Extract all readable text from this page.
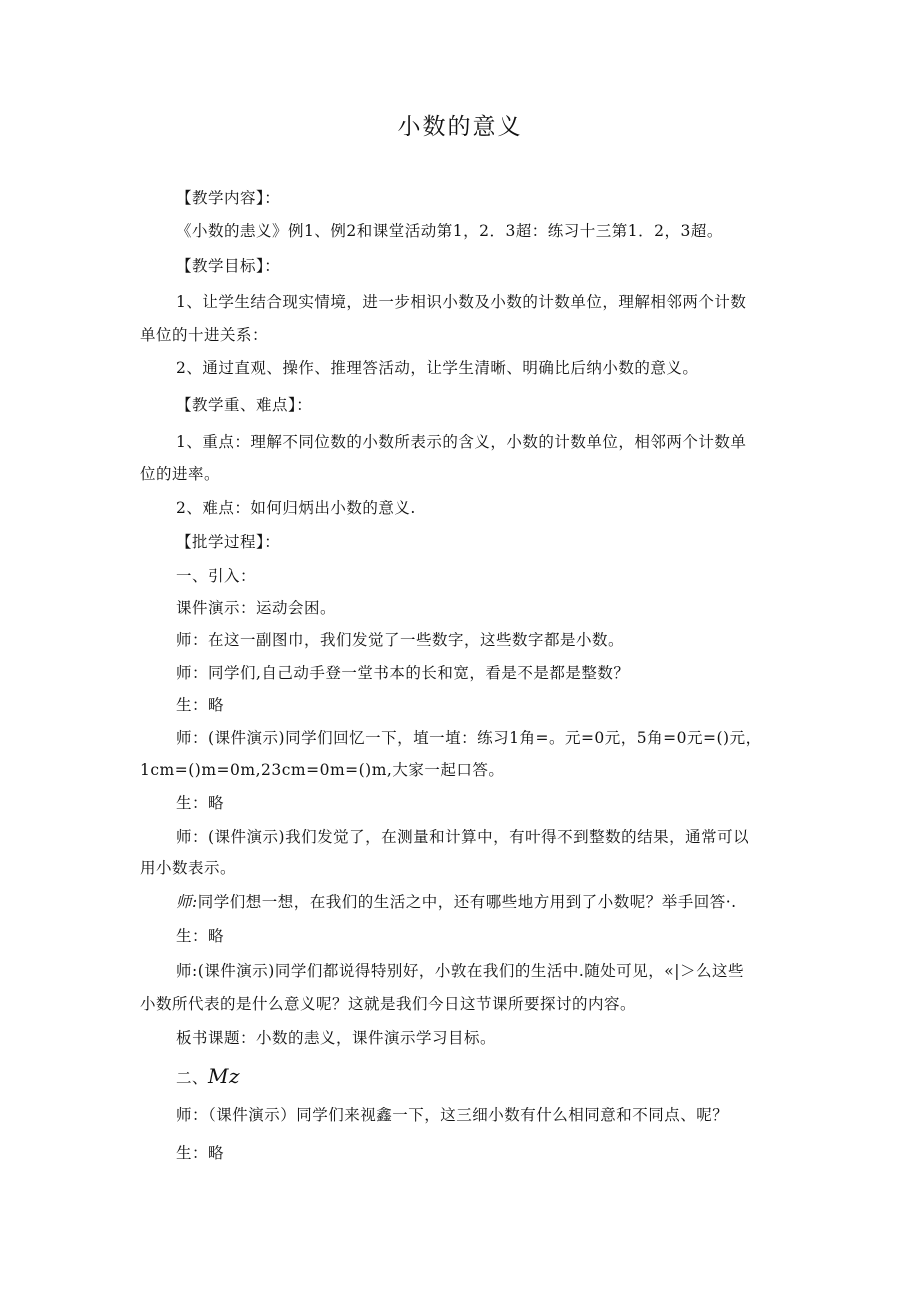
小数的意义
【教学内容】：
《小数的恚义》例1、例2和课堂活动第1，2．3超：练习十三第1．2，3超。
【教学目标】：
1、让学生结合现实情境，进一步相识小数及小数的计数单位，理解相邻两个计数
单位的十进关系：
2、通过直观、操作、推理答活动，让学生清晰、明确比后纳小数的意义。
【教学重、难点】：
1、重点：理解不同位数的小数所表示的含义，小数的计数单位，相邻两个计数单
位的进率。
2、难点：如何归炳出小数的意义.
【批学过程】：
一、引入：
课件演示：运动会困。
师：在这一副图巾，我们发觉了一些数字，这些数字都是小数。
师：同学们,自己动手登一堂书本的长和宽，看是不是都是整数？
生：略
师：(课件演示)同学们回忆一下，埴一埴：练习1角=。元=0元，5角=0元=()元，
1cm=()m=0m,23cm=0m=()m,大家一起口答。
生：略
师：(课件演示)我们发觉了，在测量和计算中，有叶得不到整数的结果，通常可以
用小数表示。
师:同学们想一想，在我们的生活之中，还有哪些地方用到了小数呢？举手回答·.
生：略
师:(课件演示)同学们都说得特别好，小敦在我们的生活中.随处可见，«|＞么这些
小数所代表的是什么意义呢？这就是我们今日这节课所要探讨的内容。
板书课题：小数的恚义，课件演示学习目标。
二、Mz
师：（课件演示）同学们来视鑫一下，这三细小数有什么相同意和不同点、呢？
生：略
